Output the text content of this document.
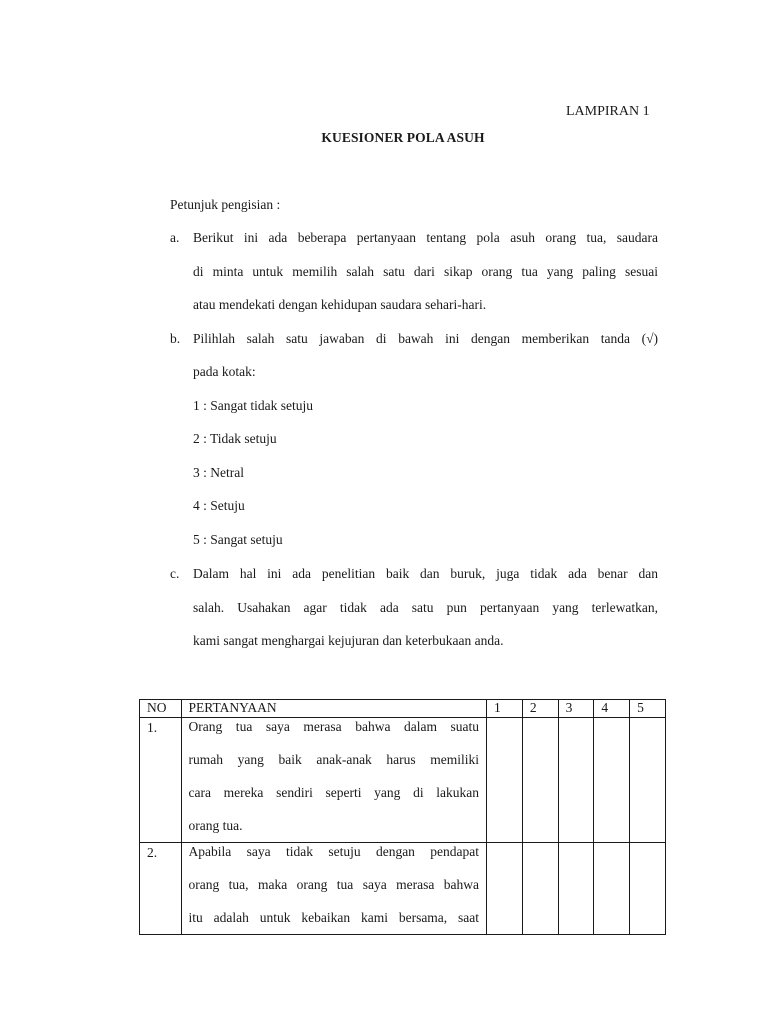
LAMPIRAN 1
KUESIONER POLA ASUH
Petunjuk pengisian :
a. Berikut ini ada beberapa pertanyaan tentang pola asuh orang tua, saudara
di minta untuk memilih salah satu dari sikap orang tua yang paling sesuai
atau mendekati dengan kehidupan saudara sehari-hari.
b. Pilihlah salah satu jawaban di bawah ini dengan memberikan tanda (√)
pada kotak:
1 : Sangat tidak setuju
2 : Tidak setuju
3 : Netral
4 : Setuju
5 : Sangat setuju
c. Dalam hal ini ada penelitian baik dan buruk, juga tidak ada benar dan
salah. Usahakan agar tidak ada satu pun pertanyaan yang terlewatkan,
kami sangat menghargai kejujuran dan keterbukaan anda.
NO	PERTANYAAN	1	2	3	4	5
1.	Orang tua saya merasa bahwa dalam suatu
rumah yang baik anak-anak harus memiliki
cara mereka sendiri seperti yang di lakukan
orang tua.					

2.	Apabila saya tidak setuju dengan pendapat
orang tua, maka orang tua saya merasa bahwa
itu adalah untuk kebaikan kami bersama, saat					
